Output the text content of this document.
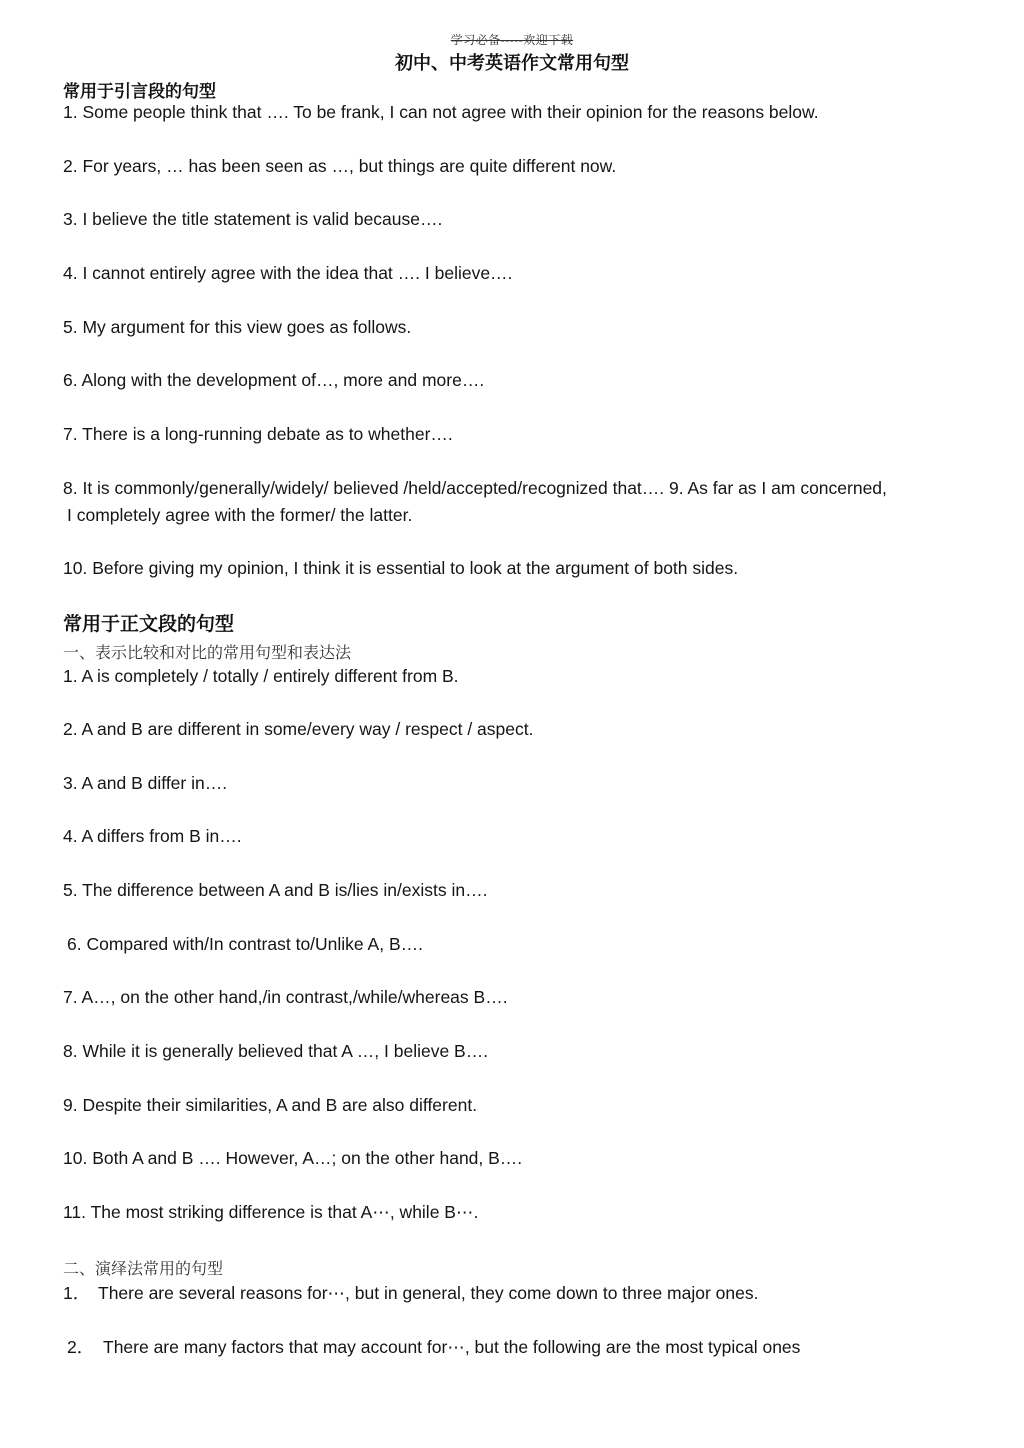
学习必备-----欢迎下载
初中、中考英语作文常用句型
常用于引言段的句型
1. Some people think that …. To be frank, I can not agree with their opinion for the reasons below.
2. For years, … has been seen as …, but things are quite different now.
3. I believe the title statement is valid because….
4. I cannot entirely agree with the idea that …. I believe….
5. My argument for this view goes as follows.
6. Along with the development of…, more and more….
7. There is a long-running debate as to whether….
8. It is commonly/generally/widely/ believed /held/accepted/recognized that…. 9. As far as I am concerned,
I completely agree with the former/ the latter.
10. Before giving my opinion, I think it is essential to look at the argument of both sides.
常用于正文段的句型
一、表示比较和对比的常用句型和表达法
1. A is completely / totally / entirely different from B.
2. A and B are different in some/every way / respect / aspect.
3. A and B differ in….
4. A differs from B in….
5. The difference between A and B is/lies in/exists in….
6. Compared with/In contrast to/Unlike A, B….
7. A…, on the other hand,/in contrast,/while/whereas B….
8. While it is generally believed that A …, I believe B….
9. Despite their similarities, A and B are also different.
10. Both A and B …. However, A…; on the other hand, B….
11. The most striking difference is that A⋯, while B⋯.
二、演绎法常用的句型
1． There are several reasons for⋯, but in general, they come down to three major ones.
2． There are many factors that may account for⋯, but the following are the most typical ones
